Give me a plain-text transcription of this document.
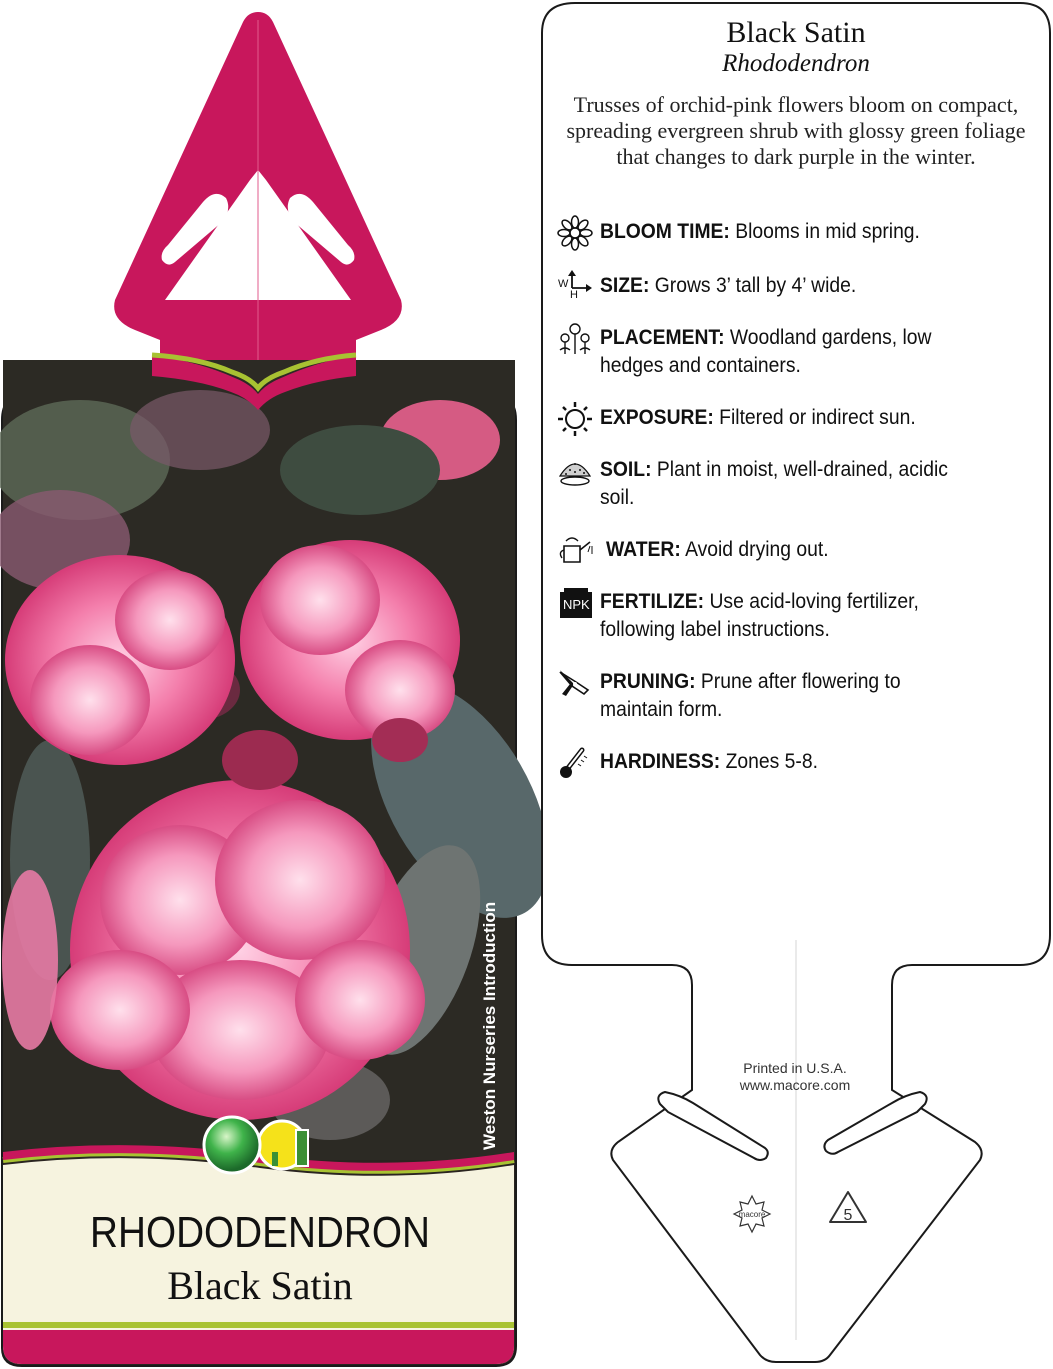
macore	5
RHODODENDRON
Black Satin
Weston Nurseries Introduction
Black Satin
Rhododendron
Trusses of orchid-pink flowers bloom on compact, spreading evergreen shrub with glossy green foliage that changes to dark purple in the winter.
BLOOM TIME: Blooms in mid spring.
SIZE: Grows 3’ tall by 4’ wide.
W
H
PLACEMENT: Woodland gardens, low
hedges and containers.
EXPOSURE: Filtered or indirect sun.
SOIL: Plant in moist, well-drained, acidic
soil.
WATER: Avoid drying out.
NPK FERTILIZE: Use acid-loving fertilizer,
following label instructions.
PRUNING: Prune after flowering to
maintain form.
HARDINESS: Zones 5-8.
Printed in U.S.A.
www.macore.com
